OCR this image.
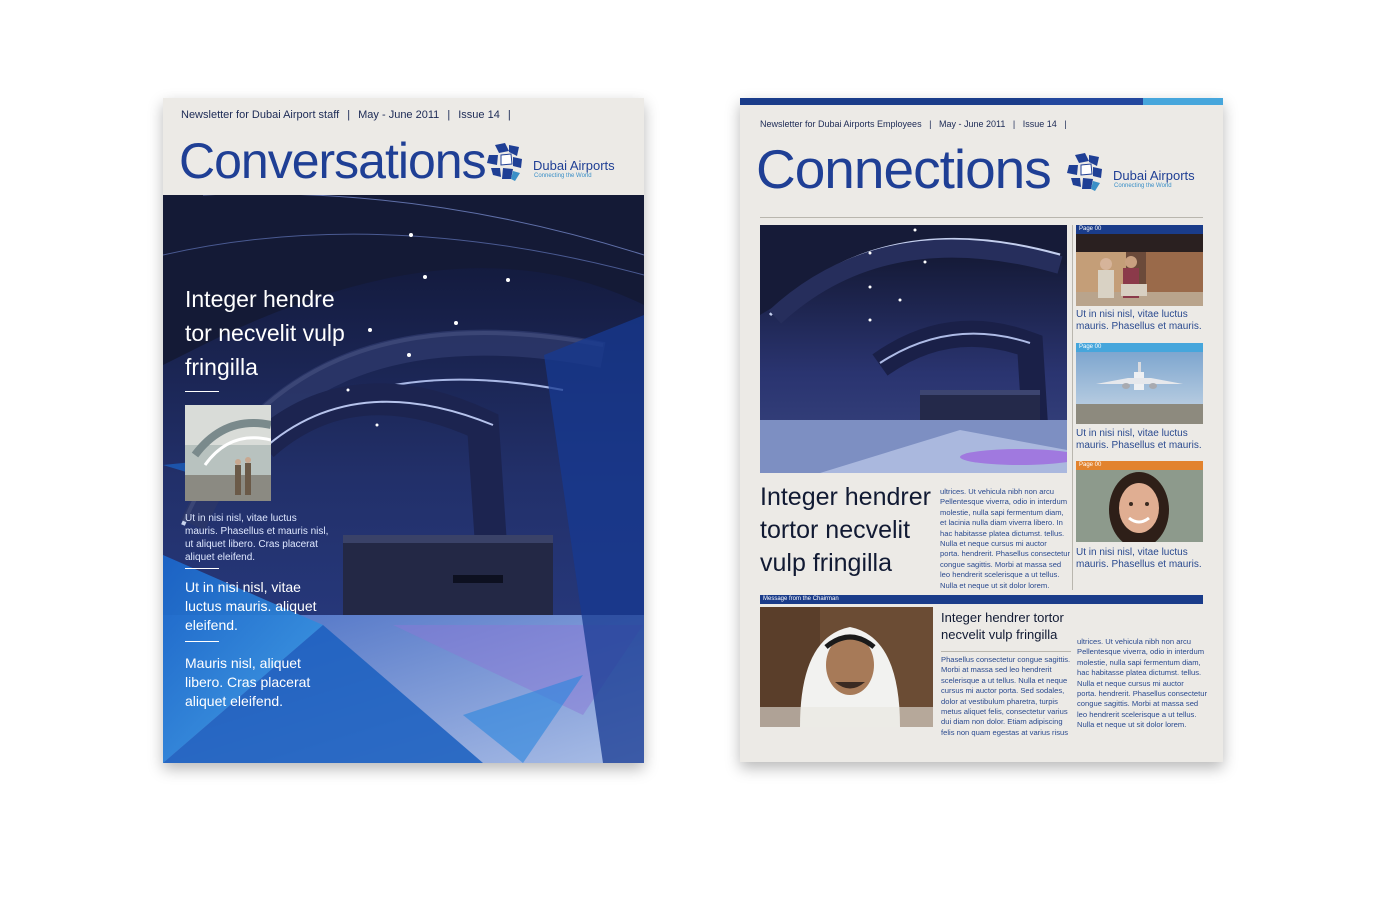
Newsletter for Dubai Airport staff | May - June 2011 | Issue 14 |
Conversations	Dubai Airports
Connecting the World
Integer hendre
tor necvelit vulp
fringilla
Ut in nisi nisl, vitae luctus
mauris. Phasellus et mauris nisl,
ut aliquet libero. Cras placerat
aliquet eleifend.
Ut in nisi nisl, vitae
luctus mauris. aliquet
eleifend.
Mauris nisl, aliquet
libero. Cras placerat
aliquet eleifend.
Newsletter for Dubai Airports Employees | May - June 2011 | Issue 14 |
Connections	Dubai Airports
Connecting the World
Integer hendrer
tortor necvelit
vulp fringilla
ultrices. Ut vehicula nibh non arcu
Pellentesque viverra, odio in interdum
molestie, nulla sapi fermentum diam,
et lacinia nulla diam viverra libero. In
hac habitasse platea dictumst. tellus.
Nulla et neque cursus mi auctor
porta. hendrerit. Phasellus consectetur
congue sagittis. Morbi at massa sed
leo hendrerit scelerisque a ut tellus.
Nulla et neque ut sit dolor lorem.
Page 00
Ut in nisi nisl, vitae luctus
mauris. Phasellus et mauris.
Page 00
Ut in nisi nisl, vitae luctus
mauris. Phasellus et mauris.
Page 00
Ut in nisi nisl, vitae luctus
mauris. Phasellus et mauris.
Message from the Chairman
Integer hendrer tortor
necvelit vulp fringilla
Phasellus consectetur congue sagittis.
Morbi at massa sed leo hendrerit
scelerisque a ut tellus. Nulla et neque
cursus mi auctor porta. Sed sodales,
dolor at vestibulum pharetra, turpis
metus aliquet felis, consectetur varius
dui diam non dolor. Etiam adipiscing
felis non quam egestas at varius risus
ultrices. Ut vehicula nibh non arcu
Pellentesque viverra, odio in interdum
molestie, nulla sapi fermentum diam,
hac habitasse platea dictumst. tellus.
Nulla et neque cursus mi auctor
porta. hendrerit. Phasellus consectetur
congue sagittis. Morbi at massa sed
leo hendrerit scelerisque a ut tellus.
Nulla et neque ut sit dolor lorem.
